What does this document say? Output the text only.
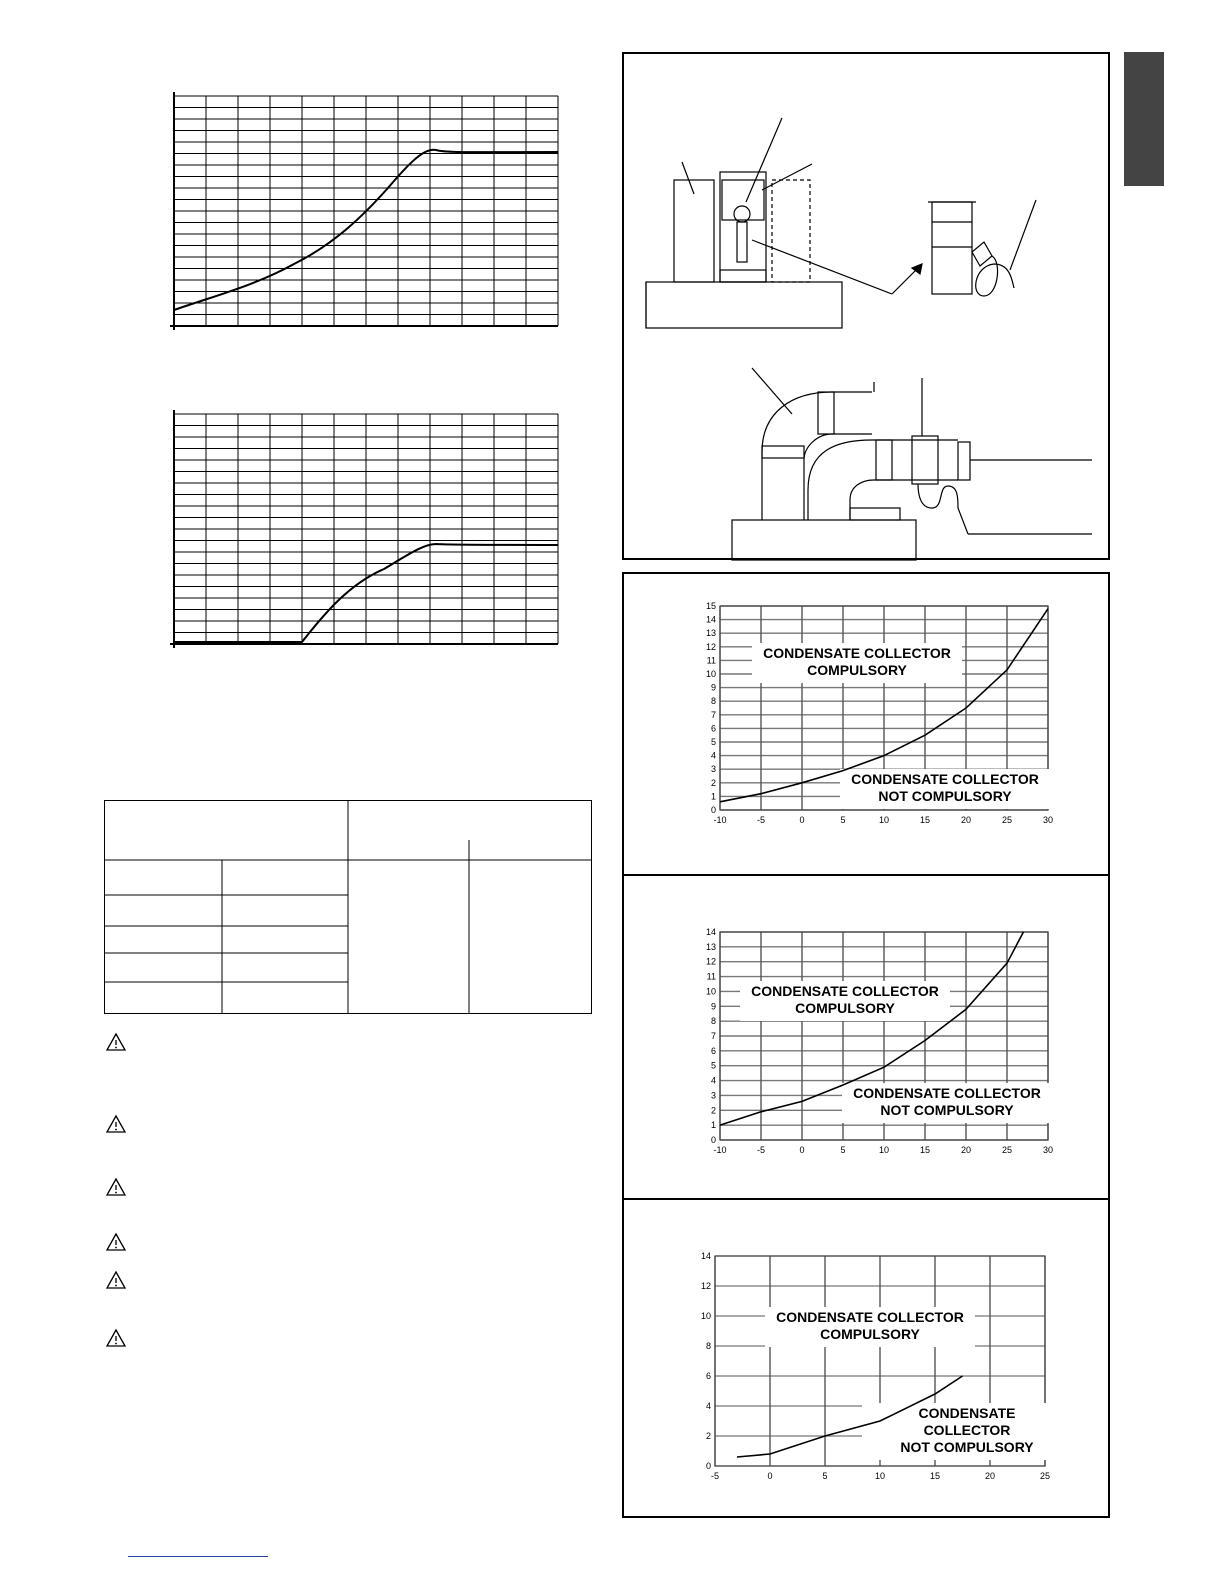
0
1
2
3
4
5
6
7
8
9
10
11
12
13
14
15
-10	-5	0	5	10	15	20	25	30
CONDENSATE COLLECTOR
COMPULSORY
CONDENSATE COLLECTOR
NOT COMPULSORY
0
1
2
3
4
5
6
7
8
9
10
11
12
13
14
-10	-5	0	5	10	15	20	25	30
CONDENSATE COLLECTOR
COMPULSORY
CONDENSATE COLLECTOR
NOT COMPULSORY
0
2
4
6
8
10
12
14
-5	0	5	10	15	20	25
CONDENSATE COLLECTOR
COMPULSORY
CONDENSATE
COLLECTOR
NOT COMPULSORY
